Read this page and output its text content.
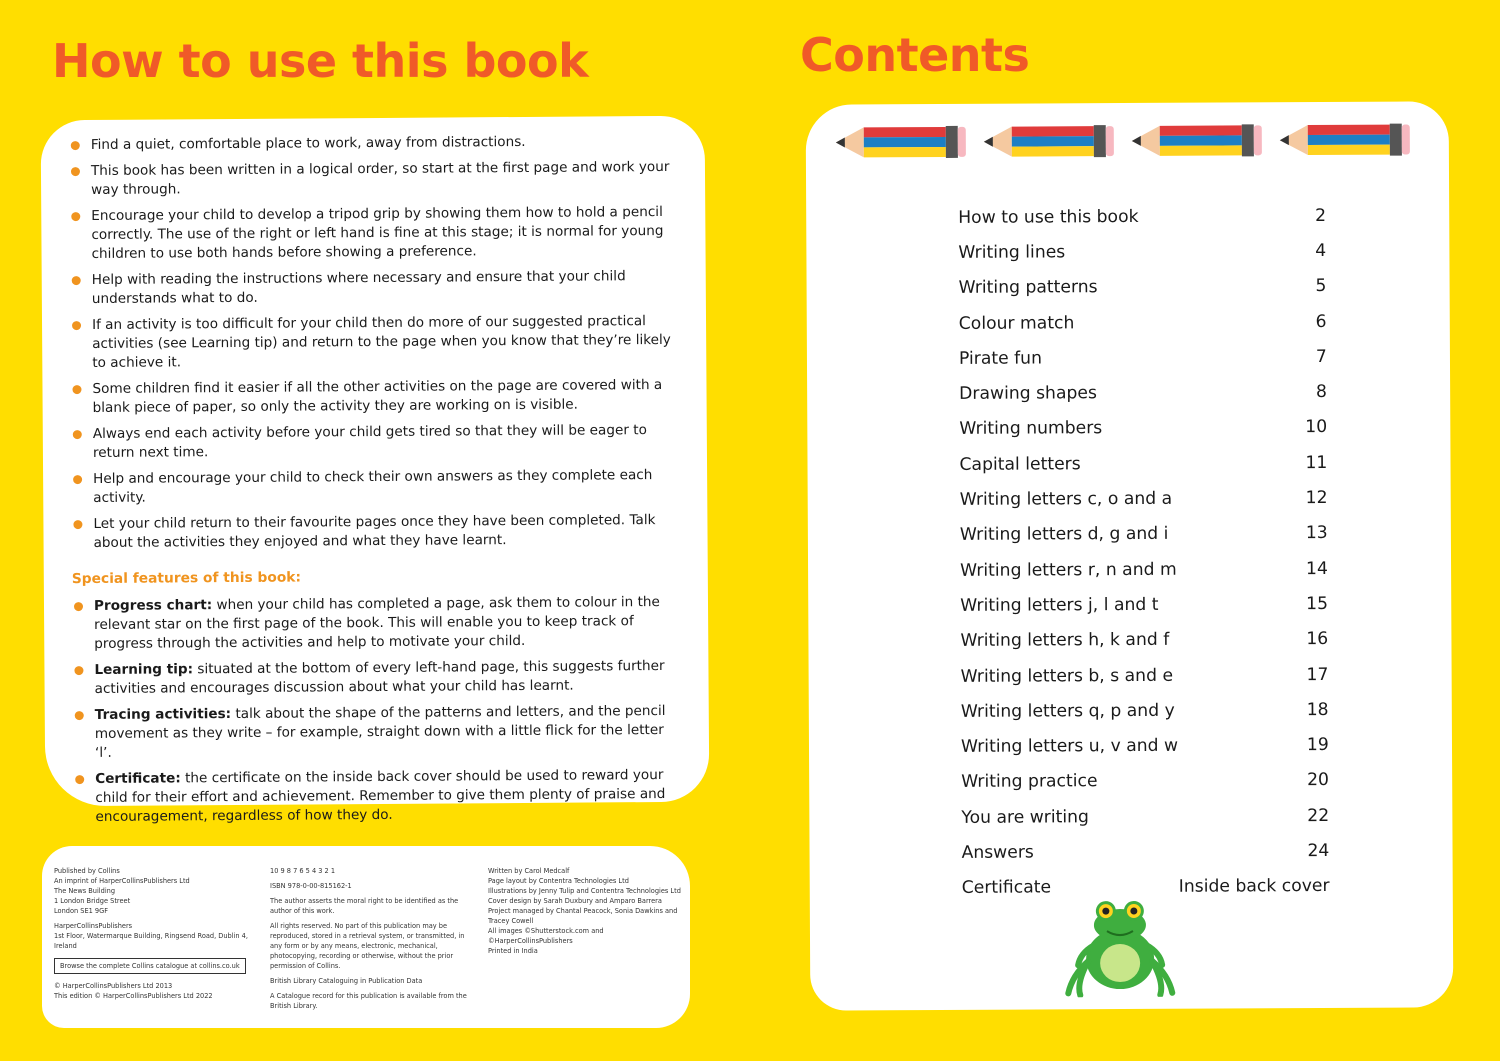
How to use this book	Contents
Find a quiet, comfortable place to work, away from distractions.
This book has been written in a logical order, so start at the first page and work your way through.
Encourage your child to develop a tripod grip by showing them how to hold a pencil correctly. The use of the right or left hand is fine at this stage; it is normal for young children to use both hands before showing a preference.
Help with reading the instructions where necessary and ensure that your child understands what to do.
If an activity is too difficult for your child then do more of our suggested practical activities (see Learning tip) and return to the page when you know that they’re likely to achieve it.
Some children find it easier if all the other activities on the page are covered with a blank piece of paper, so only the activity they are working on is visible.
Always end each activity before your child gets tired so that they will be eager to return next time.
Help and encourage your child to check their own answers as they complete each activity.
Let your child return to their favourite pages once they have been completed. Talk about the activities they enjoyed and what they have learnt.
Special features of this book:
Progress chart: when your child has completed a page, ask them to colour in the relevant star on the first page of the book. This will enable you to keep track of progress through the activities and help to motivate your child.
Learning tip: situated at the bottom of every left-hand page, this suggests further activities and encourages discussion about what your child has learnt.
Tracing activities: talk about the shape of the patterns and letters, and the pencil movement as they write – for example, straight down with a little flick for the letter ‘l’.
Certificate: the certificate on the inside back cover should be used to reward your child for their effort and achievement. Remember to give them plenty of praise and encouragement, regardless of how they do.

Published by Collins
An imprint of HarperCollinsPublishers Ltd
The News Building
1 London Bridge Street
London SE1 9GF

HarperCollinsPublishers
1st Floor, Watermarque Building, Ringsend Road, Dublin 4, Ireland

Browse the complete Collins catalogue at collins.co.uk

© HarperCollinsPublishers Ltd 2013
This edition © HarperCollinsPublishers Ltd 2022

10 9 8 7 6 5 4 3 2 1

ISBN 978-0-00-815162-1

The author asserts the moral right to be identified as the author of this work.

All rights reserved. No part of this publication may be reproduced, stored in a retrieval system, or transmitted, in any form or by any means, electronic, mechanical, photocopying, recording or otherwise, without the prior permission of Collins.

British Library Cataloguing in Publication Data

A Catalogue record for this publication is available from the British Library.

Written by Carol Medcalf
Page layout by Contentra Technologies Ltd
Illustrations by Jenny Tulip and Contentra Technologies Ltd
Cover design by Sarah Duxbury and Amparo Barrera
Project managed by Chantal Peacock, Sonia Dawkins and Tracey Cowell
All images ©Shutterstock.com and ©HarperCollinsPublishers
Printed in India

How to use this book	2
Writing lines	4
Writing patterns	5
Colour match	6
Pirate fun	7
Drawing shapes	8
Writing numbers	10
Capital letters	11
Writing letters c, o and a	12
Writing letters d, g and i	13
Writing letters r, n and m	14
Writing letters j, l and t	15
Writing letters h, k and f	16
Writing letters b, s and e	17
Writing letters q, p and y	18
Writing letters u, v and w	19
Writing practice	20
You are writing	22
Answers	24
Certificate	Inside back cover
